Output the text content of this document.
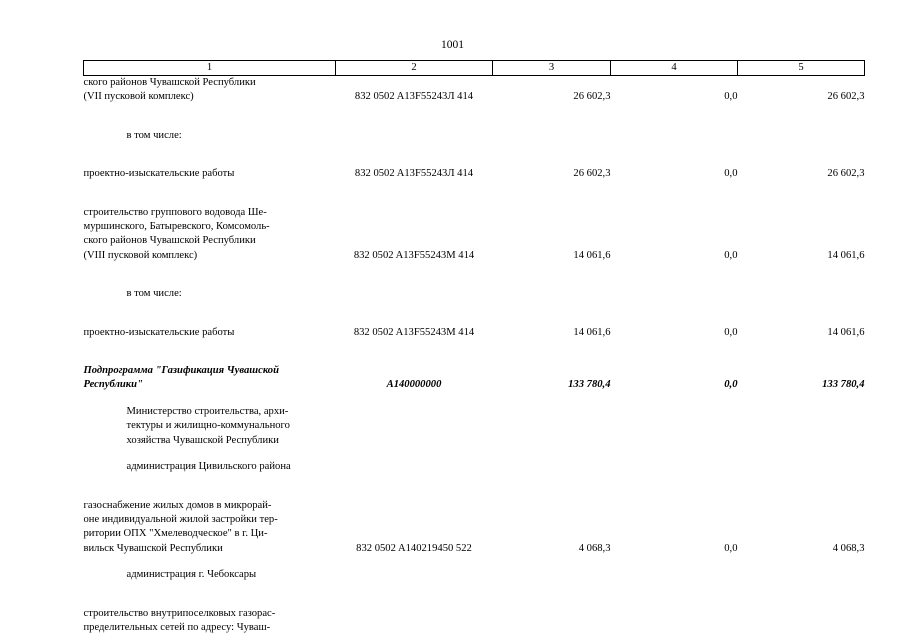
1001
1	2	3	4	5

ского районов Чувашской Республики
(VII пусковой комплекс)	832 0502 A13F55243Л 414	26 602,3	0,0	26 602,3

в том числе:				

проектно-изыскательские работы	832 0502 A13F55243Л 414	26 602,3	0,0	26 602,3

строительство группового водовода Ше-
муршинского, Батыревского, Комсомоль-
ского районов Чувашской Республики
(VIII пусковой комплекс)	832 0502 A13F55243М 414	14 061,6	0,0	14 061,6

в том числе:				

проектно-изыскательские работы	832 0502 A13F55243М 414	14 061,6	0,0	14 061,6

Подпрограмма "Газификация Чувашской
Республики"	A140000000	133 780,4	0,0	133 780,4

Министерство строительства, архи-
тектуры и жилищно-коммунального
хозяйства Чувашской Республики				

администрация Цивильского района				

газоснабжение жилых домов в микрорай-
оне индивидуальной жилой застройки тер-
ритории ОПХ "Хмелеводческое" в г. Ци-
вильск Чувашской Республики	832 0502 A140219450 522	4 068,3	0,0	4 068,3

администрация г. Чебоксары				

строительство внутрипоселковых газорас-
пределительных сетей по адресу: Чуваш-				
